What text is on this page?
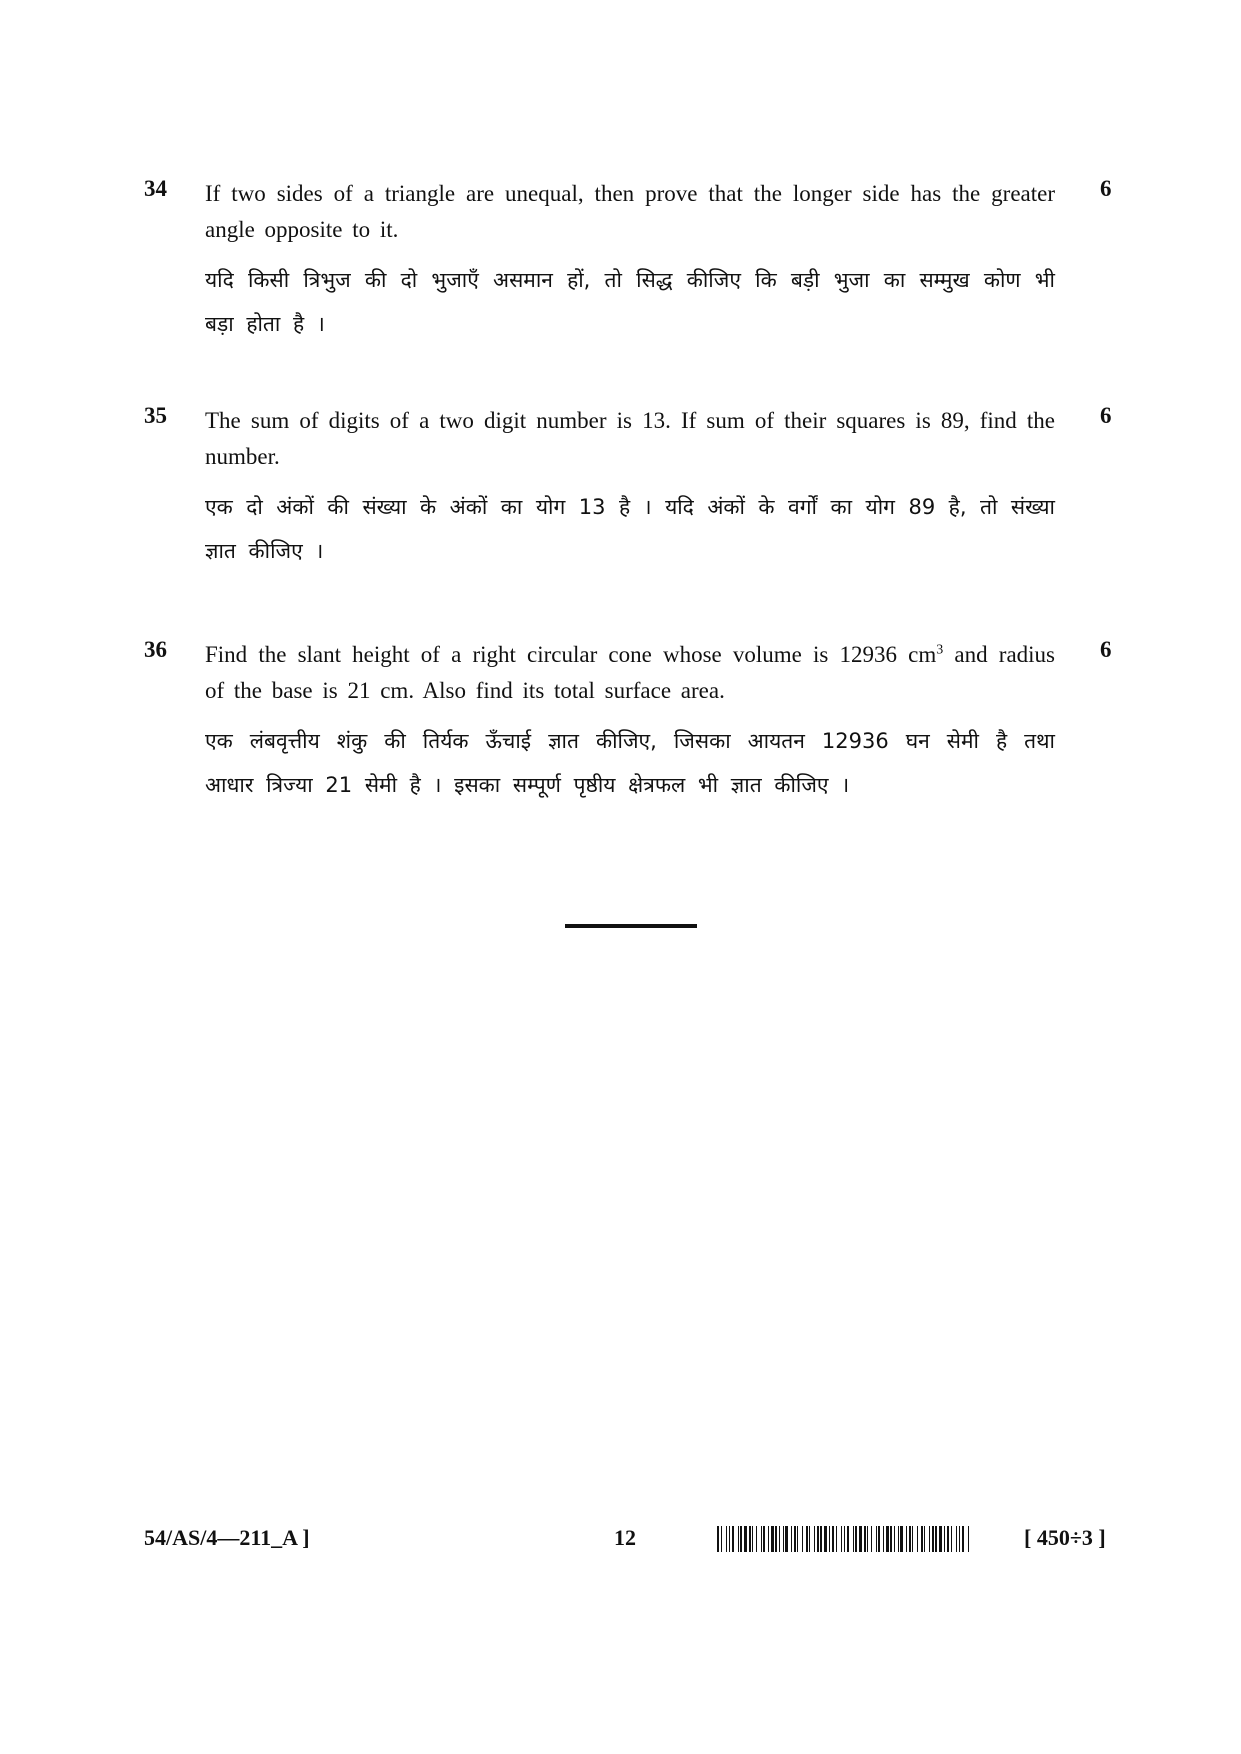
34 If two sides of a triangle are unequal, then prove that the longer side has the greater angle opposite to it.

यदि किसी त्रिभुज की दो भुजाएँ असमान हों, तो सिद्ध कीजिए कि बड़ी भुजा का सम्मुख कोण भी बड़ा होता है ।

6
35 The sum of digits of a two digit number is 13. If sum of their squares is 89, find the number.

एक दो अंकों की संख्या के अंकों का योग 13 है । यदि अंकों के वर्गों का योग 89 है, तो संख्या ज्ञात कीजिए ।

6
36 Find the slant height of a right circular cone whose volume is 12936 $cm^3$ and radius of the base is 21 cm. Also find its total surface area.

एक लंबवृत्तीय शंकु की तिर्यक ऊँचाई ज्ञात कीजिए, जिसका आयतन 12936 घन सेमी है तथा आधार त्रिज्या 21 सेमी है । इसका सम्पूर्ण पृष्ठीय क्षेत्रफल भी ज्ञात कीजिए ।

6
54/AS/4—211_A ]	12	[ 450÷3 ]
